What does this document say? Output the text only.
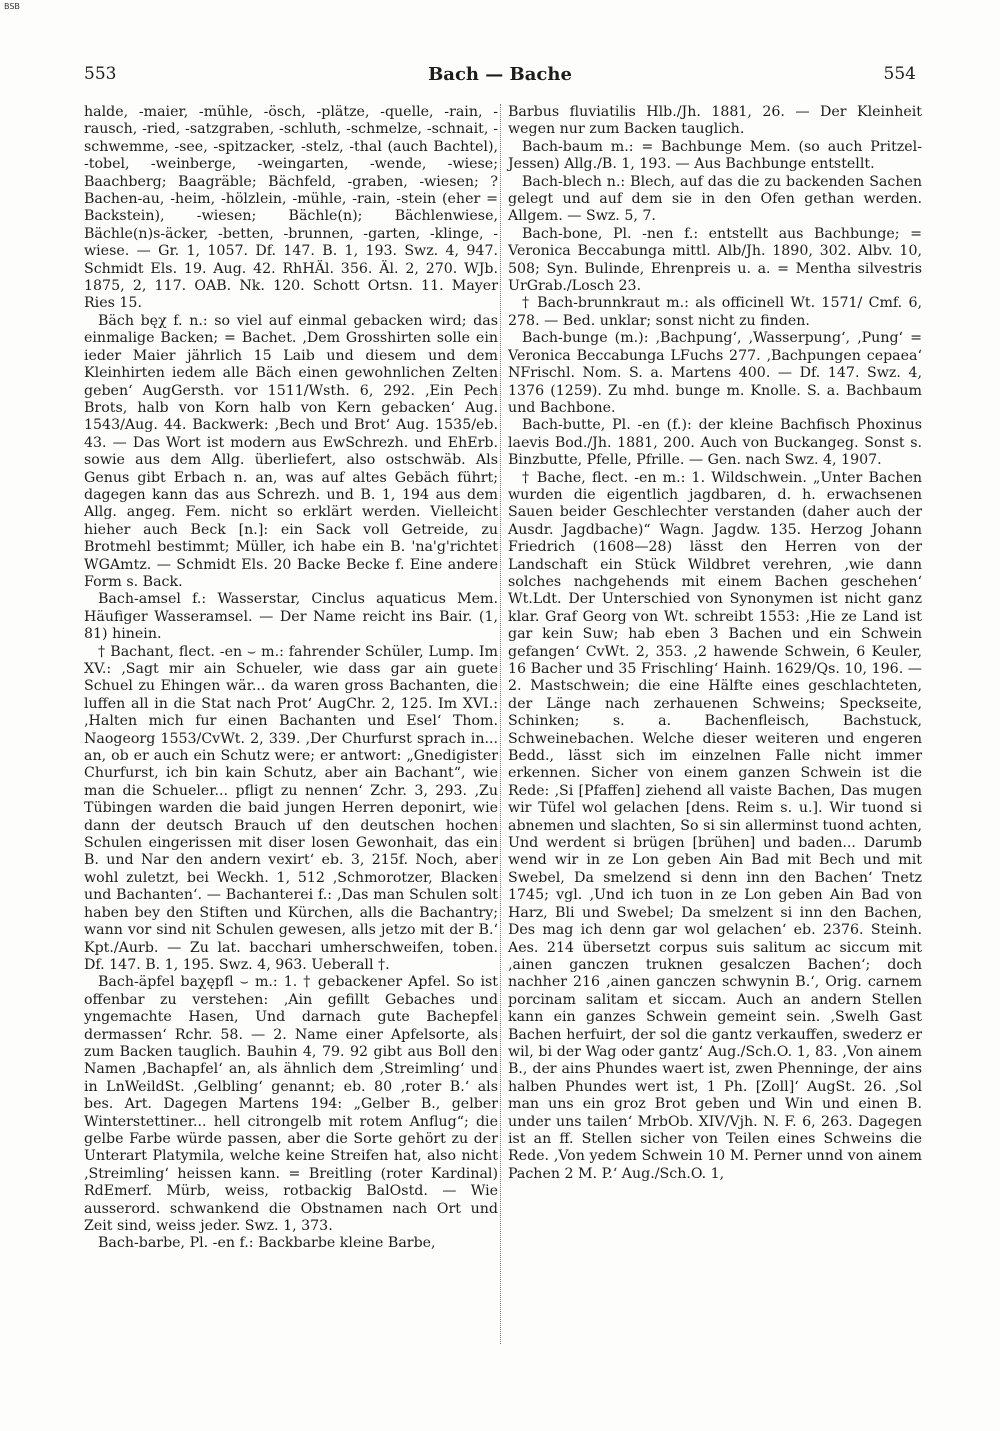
BSB
553	Bach — Bache	554

halde, -maier, -mühle, -ösch, -plätze, -quelle, -rain, -rausch, -ried, -satzgraben, -schluth, -schmelze, -schnait, -schwemme, -see, -spitzacker, -stelz, -thal (auch Bachtel), -tobel, -weinberge, -weingarten, -wende, -wiese; Baachberg; Baagräble; Bächfeld, -graben, -wiesen; ?Bachen-au, -heim, -hölzlein, -mühle, -rain, -stein (eher = Backstein), -wiesen; Bächle(n); Bächlenwiese, Bächle(n)s-äcker, -betten, -brunnen, -garten, -klinge, -wiese. — Gr. 1, 1057. Df. 147. B. 1, 193. Swz. 4, 947. Schmidt Els. 19. Aug. 42. RhHÄl. 356. Äl. 2, 270. WJb. 1875, 2, 117. OAB. Nk. 120. Schott Ortsn. 11. Mayer Ries 15.

Bäch bęχ f. n.: so viel auf einmal gebacken wird; das einmalige Backen; = Bachet. ‚Dem Grosshirten solle ein ieder Maier jährlich 15 Laib und diesem und dem Kleinhirten iedem alle Bäch einen gewohnlichen Zelten geben‘ AugGersth. vor 1511/Wsth. 6, 292. ‚Ein Pech Brots, halb von Korn halb von Kern gebacken‘ Aug. 1543/Aug. 44. Backwerk: ‚Bech und Brot‘ Aug. 1535/eb. 43. — Das Wort ist modern aus EwSchrezh. und EhErb. sowie aus dem Allg. überliefert, also ostschwäb. Als Genus gibt Erbach n. an, was auf altes Gebäch führt; dagegen kann das aus Schrezh. und B. 1, 194 aus dem Allg. angeg. Fem. nicht so erklärt werden. Vielleicht hieher auch Beck [n.]: ein Sack voll Getreide, zu Brotmehl bestimmt; Müller, ich habe ein B. 'na'g'richtet WGAmtz. — Schmidt Els. 20 Backe Becke f. Eine andere Form s. Back.

Bach-amsel f.: Wasserstar, Cinclus aquaticus Mem. Häufiger Wasseramsel. — Der Name reicht ins Bair. (1, 81) hinein.

† Bachant, flect. -en ⌣ m.: fahrender Schüler, Lump. Im XV.: ‚Sagt mir ain Schueler, wie dass gar ain guete Schuel zu Ehingen wär... da waren gross Bachanten, die luffen all in die Stat nach Prot‘ AugChr. 2, 125. Im XVI.: ‚Halten mich fur einen Bachanten und Esel‘ Thom. Naogeorg 1553/CvWt. 2, 339. ‚Der Churfurst sprach in... an, ob er auch ein Schutz were; er antwort: „Gnedigister Churfurst, ich bin kain Schutz, aber ain Bachant“, wie man die Schueler... pfligt zu nennen‘ Zchr. 3, 293. ‚Zu Tübingen warden die baid jungen Herren deponirt, wie dann der deutsch Brauch uf den deutschen hochen Schulen eingerissen mit diser losen Gewonhait, das ein B. und Nar den andern vexirt‘ eb. 3, 215f. Noch, aber wohl zuletzt, bei Weckh. 1, 512 ‚Schmorotzer, Blacken und Bachanten‘. — Bachanterei f.: ‚Das man Schulen solt haben bey den Stiften und Kürchen, alls die Bachantry; wann vor sind nit Schulen gewesen, alls jetzo mit der B.‘ Kpt./Aurb. — Zu lat. bacchari umherschweifen, toben. Df. 147. B. 1, 195. Swz. 4, 963. Ueberall †.

Bach-äpfel baχępfl ⌣ m.: 1. † gebackener Apfel. So ist offenbar zu verstehen: ‚Ain gefillt Gebaches und yngemachte Hasen, Und darnach gute Bachepfel dermassen‘ Rchr. 58. — 2. Name einer Apfelsorte, als zum Backen tauglich. Bauhin 4, 79. 92 gibt aus Boll den Namen ‚Bachapfel‘ an, als ähnlich dem ‚Streimling‘ und in LnWeildSt. ‚Gelbling‘ genannt; eb. 80 ‚roter B.‘ als bes. Art. Dagegen Martens 194: „Gelber B., gelber Winterstettiner... hell citrongelb mit rotem Anflug“; die gelbe Farbe würde passen, aber die Sorte gehört zu der Unterart Platymila, welche keine Streifen hat, also nicht ‚Streimling‘ heissen kann. = Breitling (roter Kardinal) RdEmerf. Mürb, weiss, rotbackig BalOstd. — Wie ausserord. schwankend die Obstnamen nach Ort und Zeit sind, weiss jeder. Swz. 1, 373.

Bach-barbe, Pl. -en f.: Backbarbe kleine Barbe,

Barbus fluviatilis Hlb./Jh. 1881, 26. — Der Kleinheit wegen nur zum Backen tauglich.

Bach-baum m.: = Bachbunge Mem. (so auch Pritzel-Jessen) Allg./B. 1, 193. — Aus Bachbunge entstellt.

Bach-blech n.: Blech, auf das die zu backenden Sachen gelegt und auf dem sie in den Ofen gethan werden. Allgem. — Swz. 5, 7.

Bach-bone, Pl. -nen f.: entstellt aus Bachbunge; = Veronica Beccabunga mittl. Alb/Jh. 1890, 302. Albv. 10, 508; Syn. Bulinde, Ehrenpreis u. a. = Mentha silvestris UrGrab./Losch 23.

† Bach-brunnkraut m.: als officinell Wt. 1571/ Cmf. 6, 278. — Bed. unklar; sonst nicht zu finden.

Bach-bunge (m.): ‚Bachpung‘, ‚Wasserpung‘, ‚Pung‘ = Veronica Beccabunga LFuchs 277. ‚Bachpungen cepaea‘ NFrischl. Nom. S. a. Martens 400. — Df. 147. Swz. 4, 1376 (1259). Zu mhd. bunge m. Knolle. S. a. Bachbaum und Bachbone.

Bach-butte, Pl. -en (f.): der kleine Bachfisch Phoxinus laevis Bod./Jh. 1881, 200. Auch von Buckangeg. Sonst s. Binzbutte, Pfelle, Pfrille. — Gen. nach Swz. 4, 1907.

† Bache, flect. -en m.: 1. Wildschwein. „Unter Bachen wurden die eigentlich jagdbaren, d. h. erwachsenen Sauen beider Geschlechter verstanden (daher auch der Ausdr. Jagdbache)“ Wagn. Jagdw. 135. Herzog Johann Friedrich (1608—28) lässt den Herren von der Landschaft ein Stück Wildbret verehren, ‚wie dann solches nachgehends mit einem Bachen geschehen‘ Wt.Ldt. Der Unterschied von Synonymen ist nicht ganz klar. Graf Georg von Wt. schreibt 1553: ‚Hie ze Land ist gar kein Suw; hab eben 3 Bachen und ein Schwein gefangen‘ CvWt. 2, 353. ‚2 hawende Schwein, 6 Keuler, 16 Bacher und 35 Frischling‘ Hainh. 1629/Qs. 10, 196. — 2. Mastschwein; die eine Hälfte eines geschlachteten, der Länge nach zerhauenen Schweins; Speckseite, Schinken; s. a. Bachenfleisch, Bachstuck, Schweinebachen. Welche dieser weiteren und engeren Bedd., lässt sich im einzelnen Falle nicht immer erkennen. Sicher von einem ganzen Schwein ist die Rede: ‚Si [Pfaffen] ziehend all vaiste Bachen, Das mugen wir Tüfel wol gelachen [dens. Reim s. u.]. Wir tuond si abnemen und slachten, So si sin allerminst tuond achten, Und werdent si brügen [brühen] und baden... Darumb wend wir in ze Lon geben Ain Bad mit Bech und mit Swebel, Da smelzend si denn inn den Bachen‘ Tnetz 1745; vgl. ‚Und ich tuon in ze Lon geben Ain Bad von Harz, Bli und Swebel; Da smelzent si inn den Bachen, Des mag ich denn gar wol gelachen‘ eb. 2376. Steinh. Aes. 214 übersetzt corpus suis salitum ac siccum mit ‚ainen ganczen truknen gesalczen Bachen‘; doch nachher 216 ‚ainen ganczen schwynin B.‘, Orig. carnem porcinam salitam et siccam. Auch an andern Stellen kann ein ganzes Schwein gemeint sein. ‚Swelh Gast Bachen herfuirt, der sol die gantz verkauffen, swederz er wil, bi der Wag oder gantz‘ Aug./Sch.O. 1, 83. ‚Von ainem B., der ains Phundes waert ist, zwen Phenninge, der ains halben Phundes wert ist, 1 Ph. [Zoll]‘ AugSt. 26. ‚Sol man uns ein groz Brot geben und Win und einen B. under uns tailen‘ MrbOb. XIV/Vjh. N. F. 6, 263. Dagegen ist an ff. Stellen sicher von Teilen eines Schweins die Rede. ‚Von yedem Schwein 10 M. Perner unnd von ainem Pachen 2 M. P.‘ Aug./Sch.O. 1,
